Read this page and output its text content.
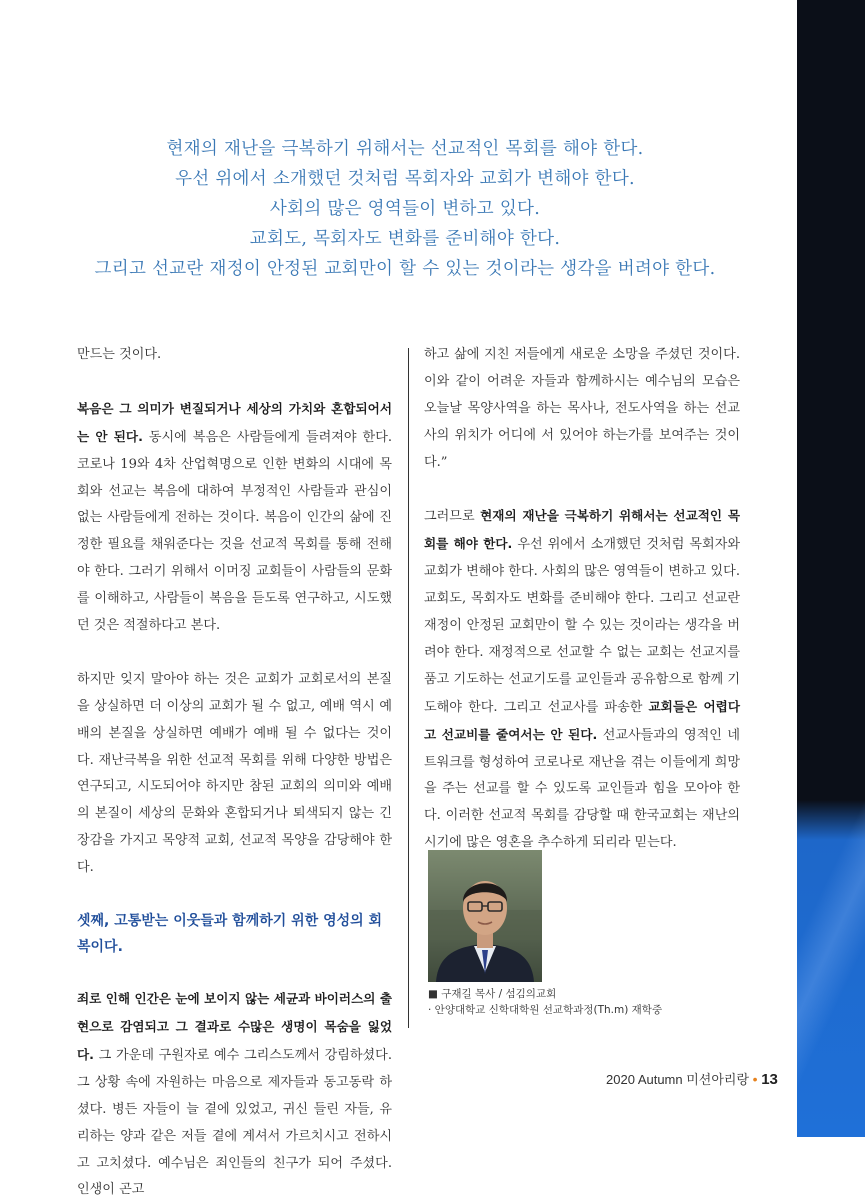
현재의 재난을 극복하기 위해서는 선교적인 목회를 해야 한다.
우선 위에서 소개했던 것처럼 목회자와 교회가 변해야 한다.
사회의 많은 영역들이 변하고 있다.
교회도, 목회자도 변화를 준비해야 한다.
그리고 선교란 재정이 안정된 교회만이 할 수 있는 것이라는 생각을 버려야 한다.

만드는 것이다.

복음은 그 의미가 변질되거나 세상의 가치와 혼합되어서는 안 된다. 동시에 복음은 사람들에게 들려져야 한다. 코로나 19와 4차 산업혁명으로 인한 변화의 시대에 목회와 선교는 복음에 대하여 부정적인 사람들과 관심이 없는 사람들에게 전하는 것이다. 복음이 인간의 삶에 진정한 필요를 채워준다는 것을 선교적 목회를 통해 전해야 한다. 그러기 위해서 이머징 교회들이 사람들의 문화를 이해하고, 사람들이 복음을 듣도록 연구하고, 시도했던 것은 적절하다고 본다.

하지만 잊지 말아야 하는 것은 교회가 교회로서의 본질을 상실하면 더 이상의 교회가 될 수 없고, 예배 역시 예배의 본질을 상실하면 예배가 예배 될 수 없다는 것이다. 재난극복을 위한 선교적 목회를 위해 다양한 방법은 연구되고, 시도되어야 하지만 참된 교회의 의미와 예배의 본질이 세상의 문화와 혼합되거나 퇴색되지 않는 긴장감을 가지고 목양적 교회, 선교적 목양을 감당해야 한다.

셋째, 고통받는 이웃들과 함께하기 위한 영성의 회복이다.

죄로 인해 인간은 눈에 보이지 않는 세균과 바이러스의 출현으로 감염되고 그 결과로 수많은 생명이 목숨을 잃었다. 그 가운데 구원자로 예수 그리스도께서 강림하셨다. 그 상황 속에 자원하는 마음으로 제자들과 동고동락 하셨다. 병든 자들이 늘 곁에 있었고, 귀신 들린 자들, 유리하는 양과 같은 저들 곁에 계셔서 가르치시고 전하시고 고치셨다. 예수님은 죄인들의 친구가 되어 주셨다. 인생이 곤고

하고 삶에 지친 저들에게 새로운 소망을 주셨던 것이다. 이와 같이 어려운 자들과 함께하시는 예수님의 모습은 오늘날 목양사역을 하는 목사나, 전도사역을 하는 선교사의 위치가 어디에 서 있어야 하는가를 보여주는 것이다.”

그러므로 현재의 재난을 극복하기 위해서는 선교적인 목회를 해야 한다. 우선 위에서 소개했던 것처럼 목회자와 교회가 변해야 한다. 사회의 많은 영역들이 변하고 있다. 교회도, 목회자도 변화를 준비해야 한다. 그리고 선교란 재정이 안정된 교회만이 할 수 있는 것이라는 생각을 버려야 한다. 재정적으로 선교할 수 없는 교회는 선교지를 품고 기도하는 선교기도를 교인들과 공유함으로 함께 기도해야 한다. 그리고 선교사를 파송한 교회들은 어렵다고 선교비를 줄여서는 안 된다. 선교사들과의 영적인 네트워크를 형성하여 코로나로 재난을 겪는 이들에게 희망을 주는 선교를 할 수 있도록 교인들과 힘을 모아야 한다. 이러한 선교적 목회를 감당할 때 한국교회는 재난의 시기에 많은 영혼을 추수하게 되리라 믿는다.

■ 구재길 목사 / 섬김의교회
· 안양대학교 신학대학원 선교학과정(Th.m) 재학중
2020 Autumn 미션아리랑 • 13
